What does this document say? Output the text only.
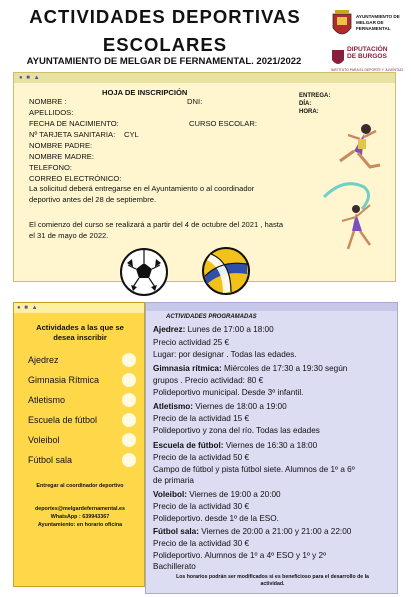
ACTIVIDADES DEPORTIVAS
ESCOLARES
AYUNTAMIENTO DE MELGAR DE FERNAMENTAL. 2021/2022
AYUNTAMIENTO DE MELGAR DE FERNAMENTAL
DIPUTACIÓN
DE BURGOS
INSTITUTO PARA EL DEPORTE Y JUVENTUD
● ■ ▲
HOJA DE INSCRIPCIÓN
NOMBRE :	DNI:
APELLIDOS:
FECHA DE NACIMIENTO:	CURSO ESCOLAR:
Nº TARJETA SANITARIA: CYL
NOMBRE PADRE:
NOMBRE MADRE:
TELEFONO:
CORREO ELECTRÓNICO:
ENTREGA:
DÍA:
HORA:
La solicitud deberá entregarse en el Ayuntamiento o al coordinador
deportivo antes del 28 de septiembre.
El comienzo del curso se realizará a partir del 4 de octubre del 2021 , hasta
el 31 de mayo de 2022.
● ■ ▲
Actividades a las que se
desea inscribir
Ajedrez
Gimnasia Rítmica
Atletismo
Escuela de fútbol
Voleibol
Fútbol sala
Entregar al coordinador deportivo
deportes@melgardefernamental.es
WhatsApp : 639943367
Ayuntamiento: en horario oficina
ACTIVIDADES PROGRAMADAS
Ajedrez: Lunes de 17:00 a 18:00
Precio actividad 25 €
Lugar: por designar . Todas las edades.
Gimnasia rítmica: Miércoles de 17:30 a 19:30 según
grupos . Precio actividad: 80 €
Polideportivo municipal. Desde 3º infantil.
Atletismo: Viernes de 18:00 a 19:00
Precio de la actividad 15 €
Polideportivo y zona del río. Todas las edades
Escuela de fútbol: Viernes de 16:30 a 18:00
Precio de la actividad 50 €
Campo de fútbol y pista fútbol siete. Alumnos de 1º a 6º
de primaria
Voleibol: Viernes de 19:00 a 20:00
Precio de la actividad 30 €
Polideportivo. desde 1º de la ESO.
Fútbol sala: Viernes de 20:00 a 21:00 y 21:00 a 22:00
Precio de la actividad 30 €
Polideportivo. Alumnos de 1º a 4º ESO y 1º y 2º
Bachillerato
Los horarios podrán ser modificados si es beneficioso para el desarrollo de la
actividad.
